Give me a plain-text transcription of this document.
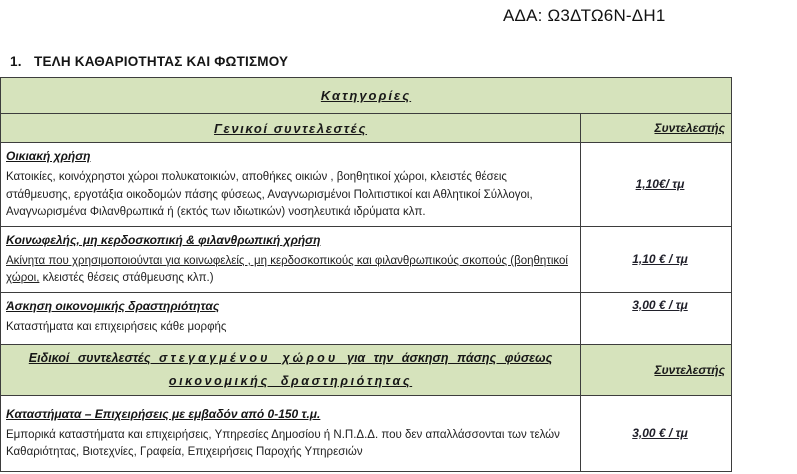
ΑΔΑ: Ω3ΔΤΩ6Ν-ΔΗ1
1. ΤΕΛΗ ΚΑΘΑΡΙΟΤΗΤΑΣ ΚΑΙ ΦΩΤΙΣΜΟΥ
Κατηγορίες	
Γενικοί συντελεστές	Συντελεστής

Οικιακή χρήση
Κατοικίες, κοινόχρηστοι χώροι πολυκατοικιών, αποθήκες οικιών , βοηθητικοί χώροι, κλειστές θέσεις στάθμευσης, εργοτάξια οικοδομών πάσης φύσεως, Αναγνωρισμένοι Πολιτιστικοί και Αθλητικοί Σύλλογοι, Αναγνωρισμένα Φιλανθρωπικά ή (εκτός των ιδιωτικών) νοσηλευτικά ιδρύματα κλπ.	1,10€/ τμ

Κοινωφελής, μη κερδοσκοπική & φιλανθρωπική χρήση
Ακίνητα που χρησιμοποιούνται για κοινωφελείς , μη κερδοσκοπικούς και φιλανθρωπικούς σκοπούς (βοηθητικοί χώροι, κλειστές θέσεις στάθμευσης κλπ.)	1,10 € / τμ

Άσκηση οικονομικής δραστηριότητας
Καταστήματα και επιχειρήσεις κάθε μορφής	3,00 € / τμ

Ειδικοί συντελεστές στεγαγμένου χώρου για την άσκηση πάσης φύσεως
οικονομικής δραστηριότητας	Συντελεστής

Καταστήματα – Επιχειρήσεις με εμβαδόν από 0-150 τ.μ.
Εμπορικά καταστήματα και επιχειρήσεις, Υπηρεσίες Δημοσίου ή Ν.Π.Δ.Δ. που δεν απαλλάσσονται των τελών Καθαριότητας, Βιοτεχνίες, Γραφεία, Επιχειρήσεις Παροχής Υπηρεσιών	3,00 € / τμ
